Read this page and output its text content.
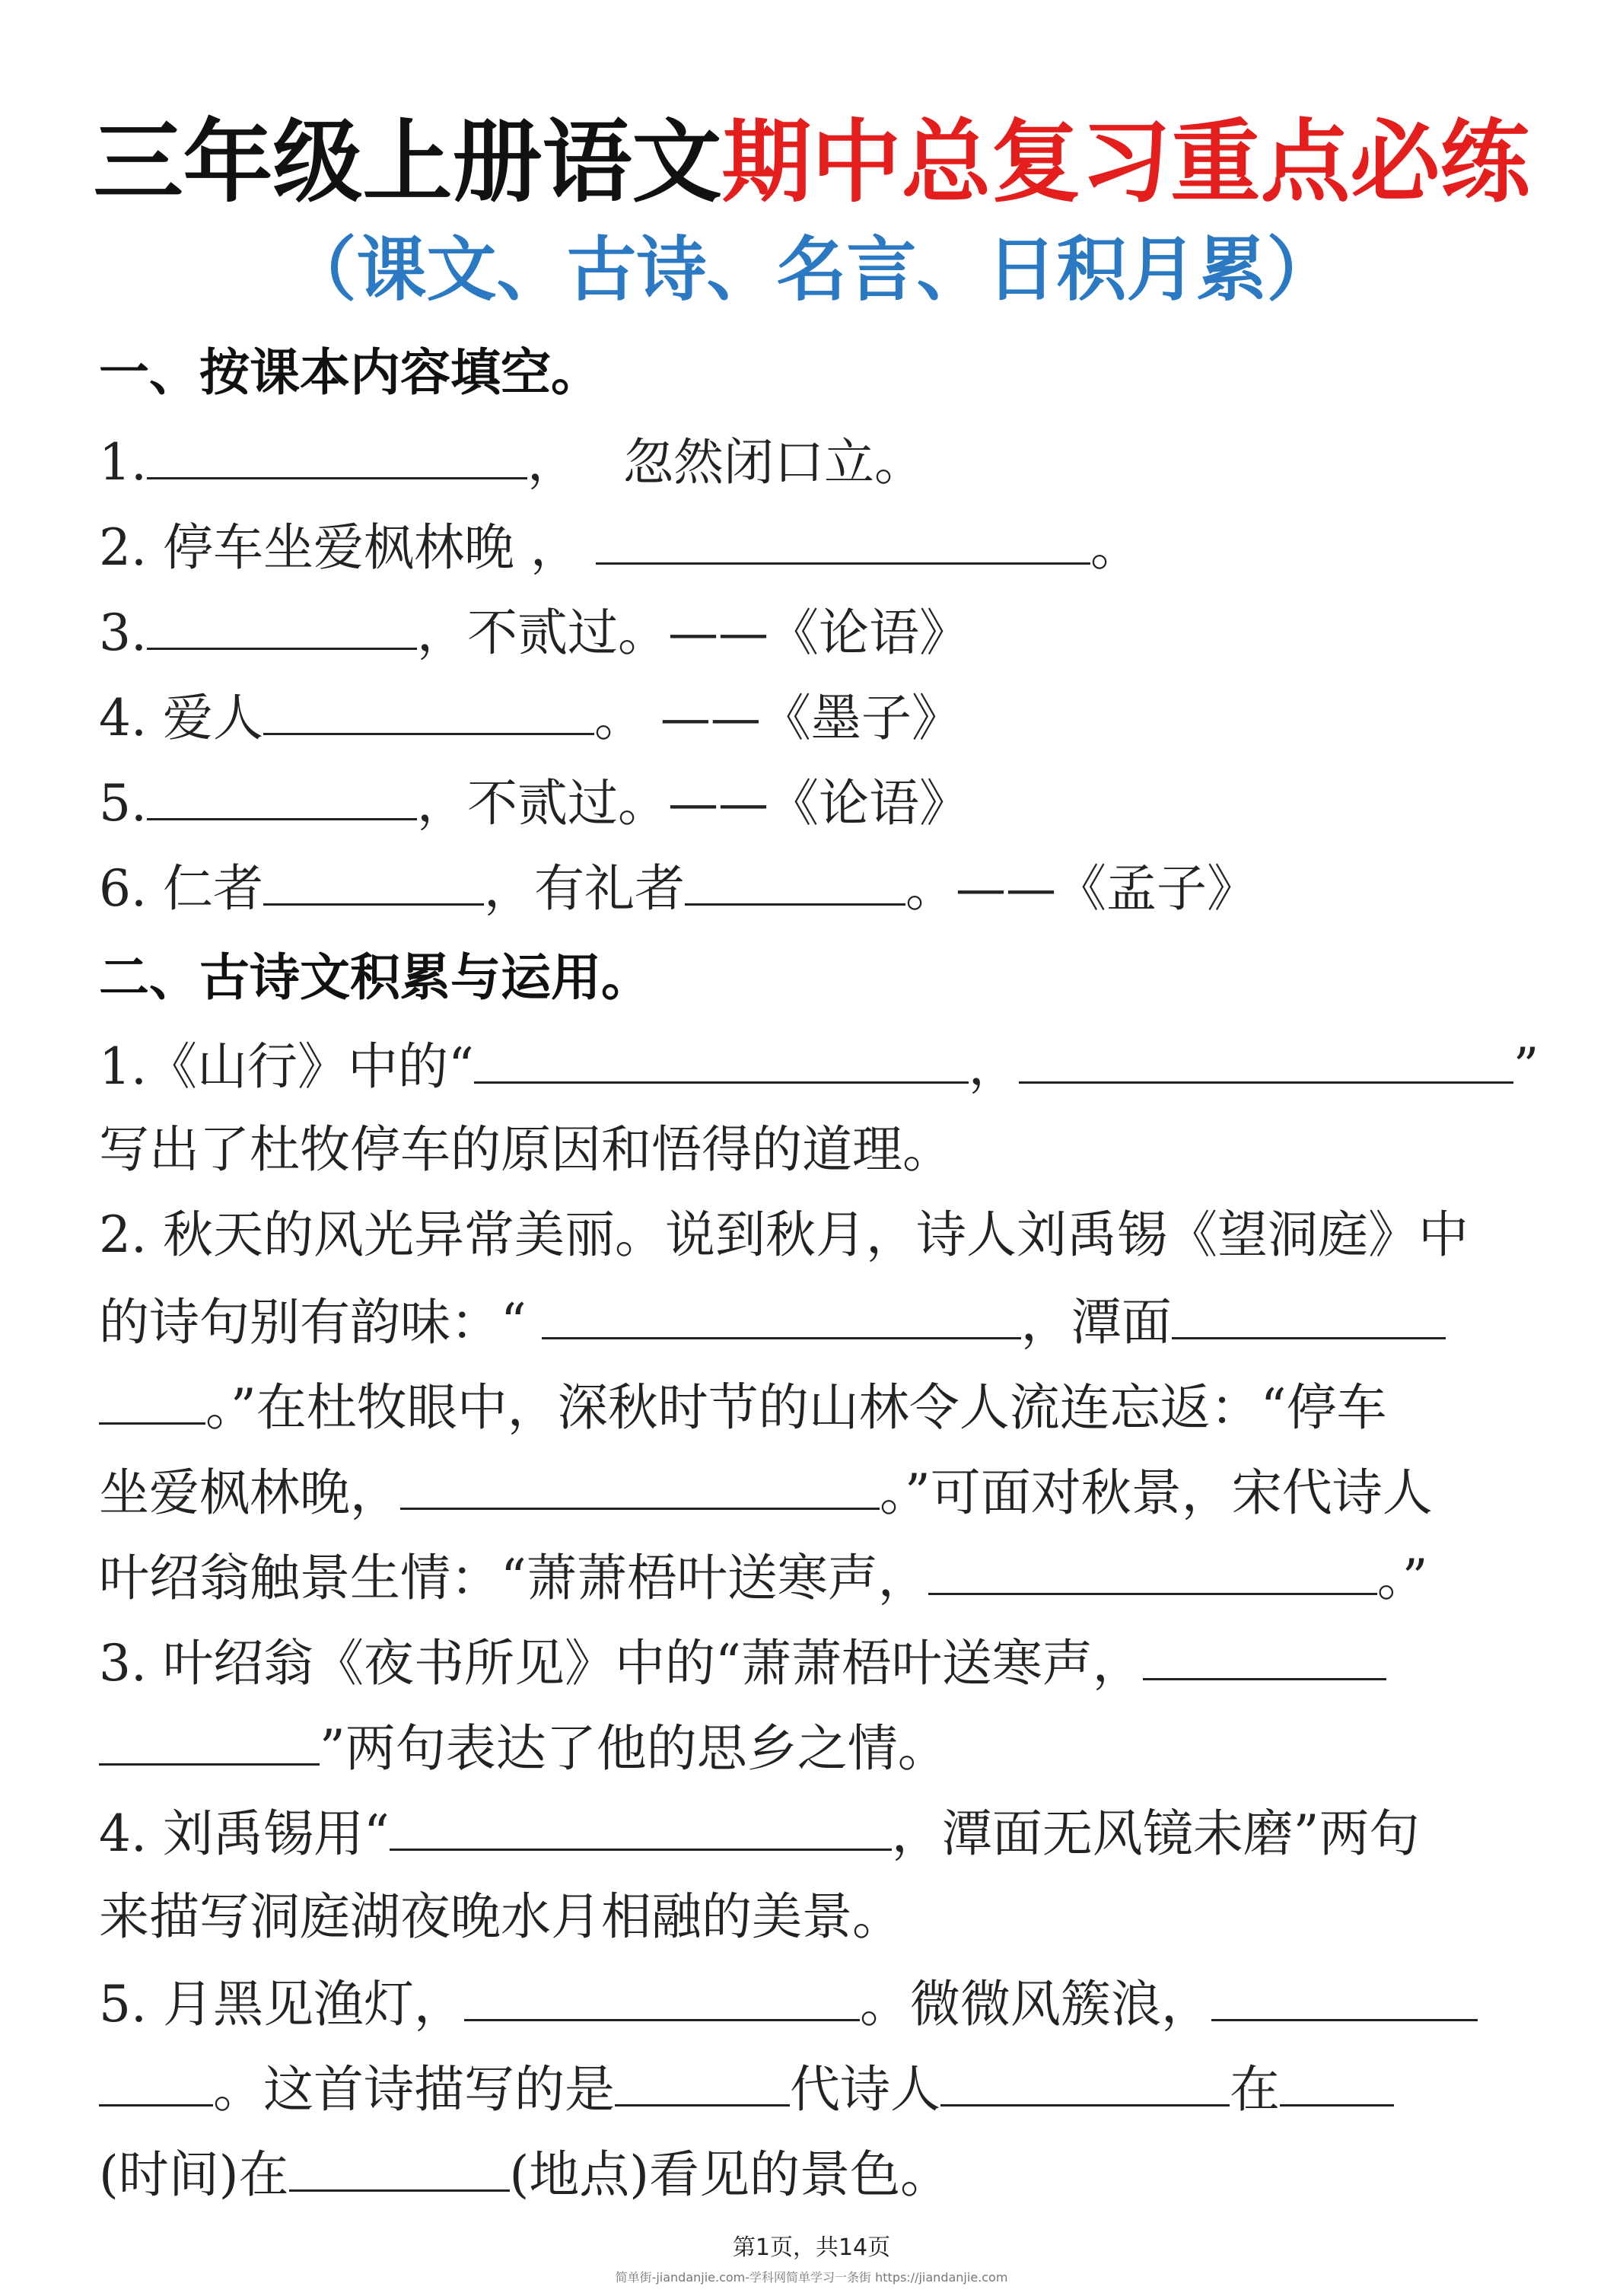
三年级上册语文期中总复习重点必练
（课文、古诗、名言、日积月累）
一、按课本内容填空。
1.	， 忽然闭口立。
2. 停车坐爱枫林晚 ，	。
3.	，不贰过。——《论语》
4. 爱人	。 ——《墨子》
5.	，不贰过。——《论语》
6. 仁者	，有礼者	。——《孟子》
二、古诗文积累与运用。
1.《山行》中的“	，	”
写出了杜牧停车的原因和悟得的道理。
2. 秋天的风光异常美丽。说到秋月，诗人刘禹锡《望洞庭》中
的诗句别有韵味：“	，潭面
。”在杜牧眼中，深秋时节的山林令人流连忘返：“停车
坐爱枫林晚，	。”可面对秋景，宋代诗人
叶绍翁触景生情：“萧萧梧叶送寒声，	。”
3. 叶绍翁《夜书所见》中的“萧萧梧叶送寒声，
”两句表达了他的思乡之情。
4. 刘禹锡用“	，潭面无风镜未磨”两句
来描写洞庭湖夜晚水月相融的美景。
5. 月黑见渔灯，	。微微风簇浪，
。这首诗描写的是	代诗人	在
(时间)在	(地点)看见的景色。
第1页，共14页
简单街-jiandanjie.com-学科网简单学习一条街 https://jiandanjie.com
